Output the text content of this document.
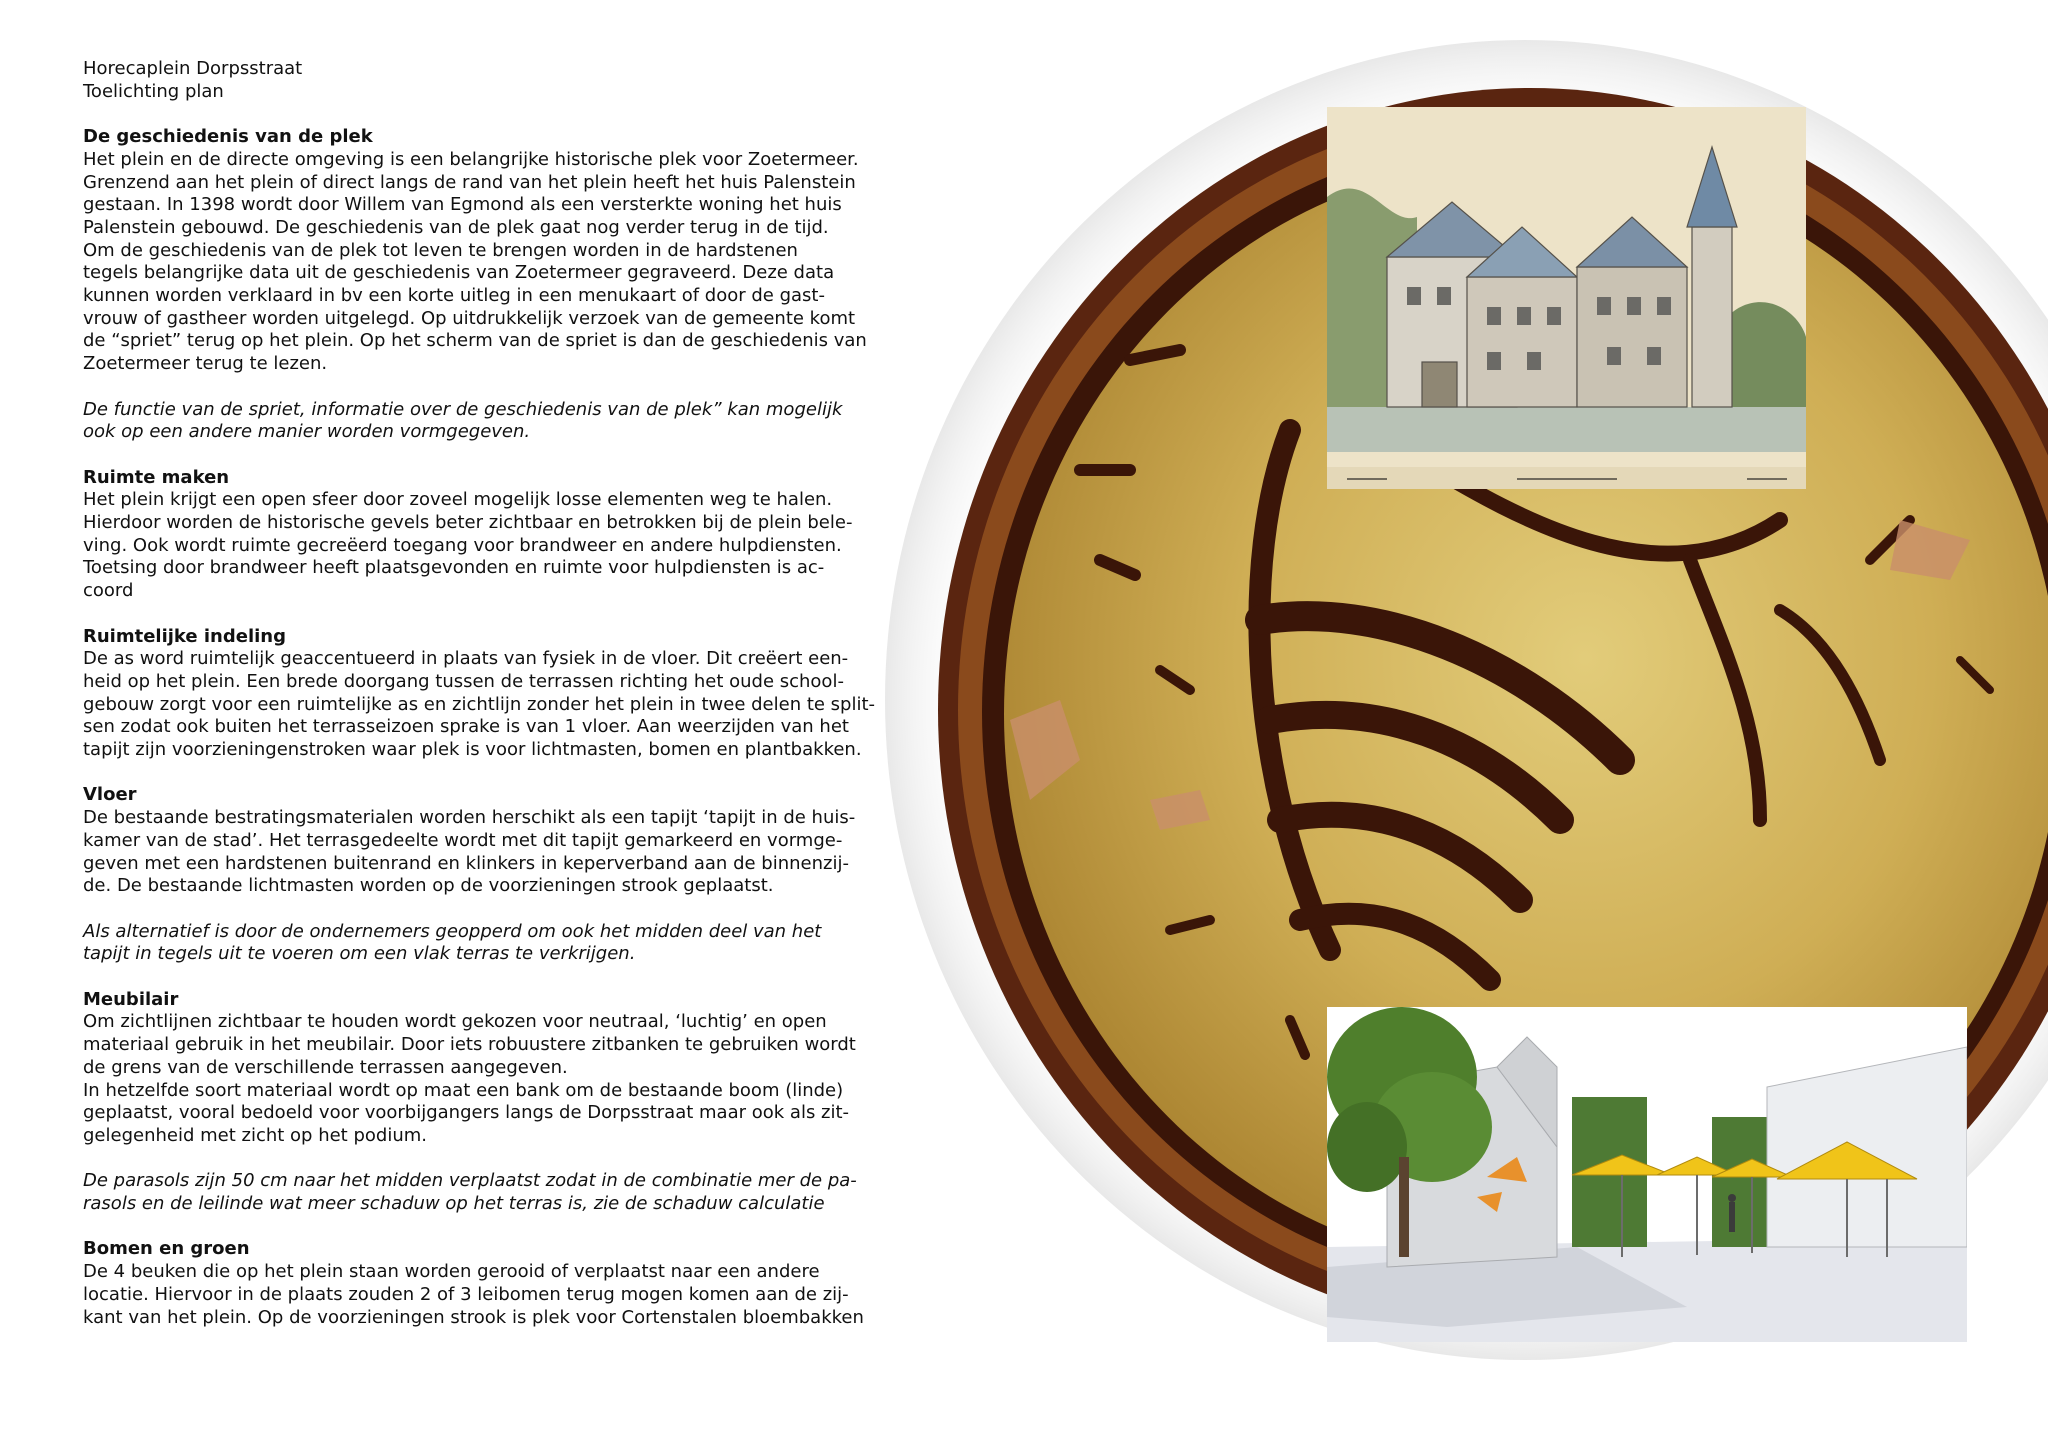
Horecaplein Dorpsstraat

Toelichting plan

De geschiedenis van de plek

Het plein en de directe omgeving is een belangrijke historische plek voor Zoetermeer.

Grenzend aan het plein of direct langs de rand van het plein heeft het huis Palenstein

gestaan. In 1398 wordt door Willem van Egmond als een versterkte woning het huis

Palenstein gebouwd. De geschiedenis van de plek gaat nog verder terug in de tijd.

Om de geschiedenis van de plek tot leven te brengen worden in de hardstenen

tegels belangrijke data uit de geschiedenis van Zoetermeer gegraveerd. Deze data

kunnen worden verklaard in bv een korte uitleg in een menukaart of door de gast-

vrouw of gastheer worden uitgelegd. Op uitdrukkelijk verzoek van de gemeente komt

de “spriet” terug op het plein. Op het scherm van de spriet is dan de geschiedenis van

Zoetermeer terug te lezen.

De functie van de spriet, informatie over de geschiedenis van de plek” kan mogelijk

ook op een andere manier worden vormgegeven.

Ruimte maken

Het plein krijgt een open sfeer door zoveel mogelijk losse elementen weg te halen.

Hierdoor worden de historische gevels beter zichtbaar en betrokken bij de plein bele-

ving. Ook wordt ruimte gecreëerd toegang voor brandweer en andere hulpdiensten.

Toetsing door brandweer heeft plaatsgevonden en ruimte voor hulpdiensten is ac-

coord

Ruimtelijke indeling

De as word ruimtelijk geaccentueerd in plaats van fysiek in de vloer. Dit creëert een-

heid op het plein. Een brede doorgang tussen de terrassen richting het oude school-

gebouw zorgt voor een ruimtelijke as en zichtlijn zonder het plein in twee delen te split-

sen zodat ook buiten het terrasseizoen sprake is van 1 vloer. Aan weerzijden van het

tapijt zijn voorzieningenstroken waar plek is voor lichtmasten, bomen en plantbakken.

Vloer

De bestaande bestratingsmaterialen worden herschikt als een tapijt ‘tapijt in de huis-

kamer van de stad’. Het terrasgedeelte wordt met dit tapijt gemarkeerd en vormge-

geven met een hardstenen buitenrand en klinkers in keperverband aan de binnenzij-

de. De bestaande lichtmasten worden op de voorzieningen strook geplaatst.

Als alternatief is door de ondernemers geopperd om ook het midden deel van het

tapijt in tegels uit te voeren om een vlak terras te verkrijgen.

Meubilair

Om zichtlijnen zichtbaar te houden wordt gekozen voor neutraal, ‘luchtig’ en open

materiaal gebruik in het meubilair. Door iets robuustere zitbanken te gebruiken wordt

de grens van de verschillende terrassen aangegeven.

In hetzelfde soort materiaal wordt op maat een bank om de bestaande boom (linde)

geplaatst, vooral bedoeld voor voorbijgangers langs de Dorpsstraat maar ook als zit-

gelegenheid met zicht op het podium.

De parasols zijn 50 cm naar het midden verplaatst zodat in de combinatie mer de pa-

rasols en de leilinde wat meer schaduw op het terras is, zie de schaduw calculatie

Bomen en groen

De 4 beuken die op het plein staan worden gerooid of verplaatst naar een andere

locatie. Hiervoor in de plaats zouden 2 of 3 leibomen terug mogen komen aan de zij-

kant van het plein. Op de voorzieningen strook is plek voor Cortenstalen bloembakken
